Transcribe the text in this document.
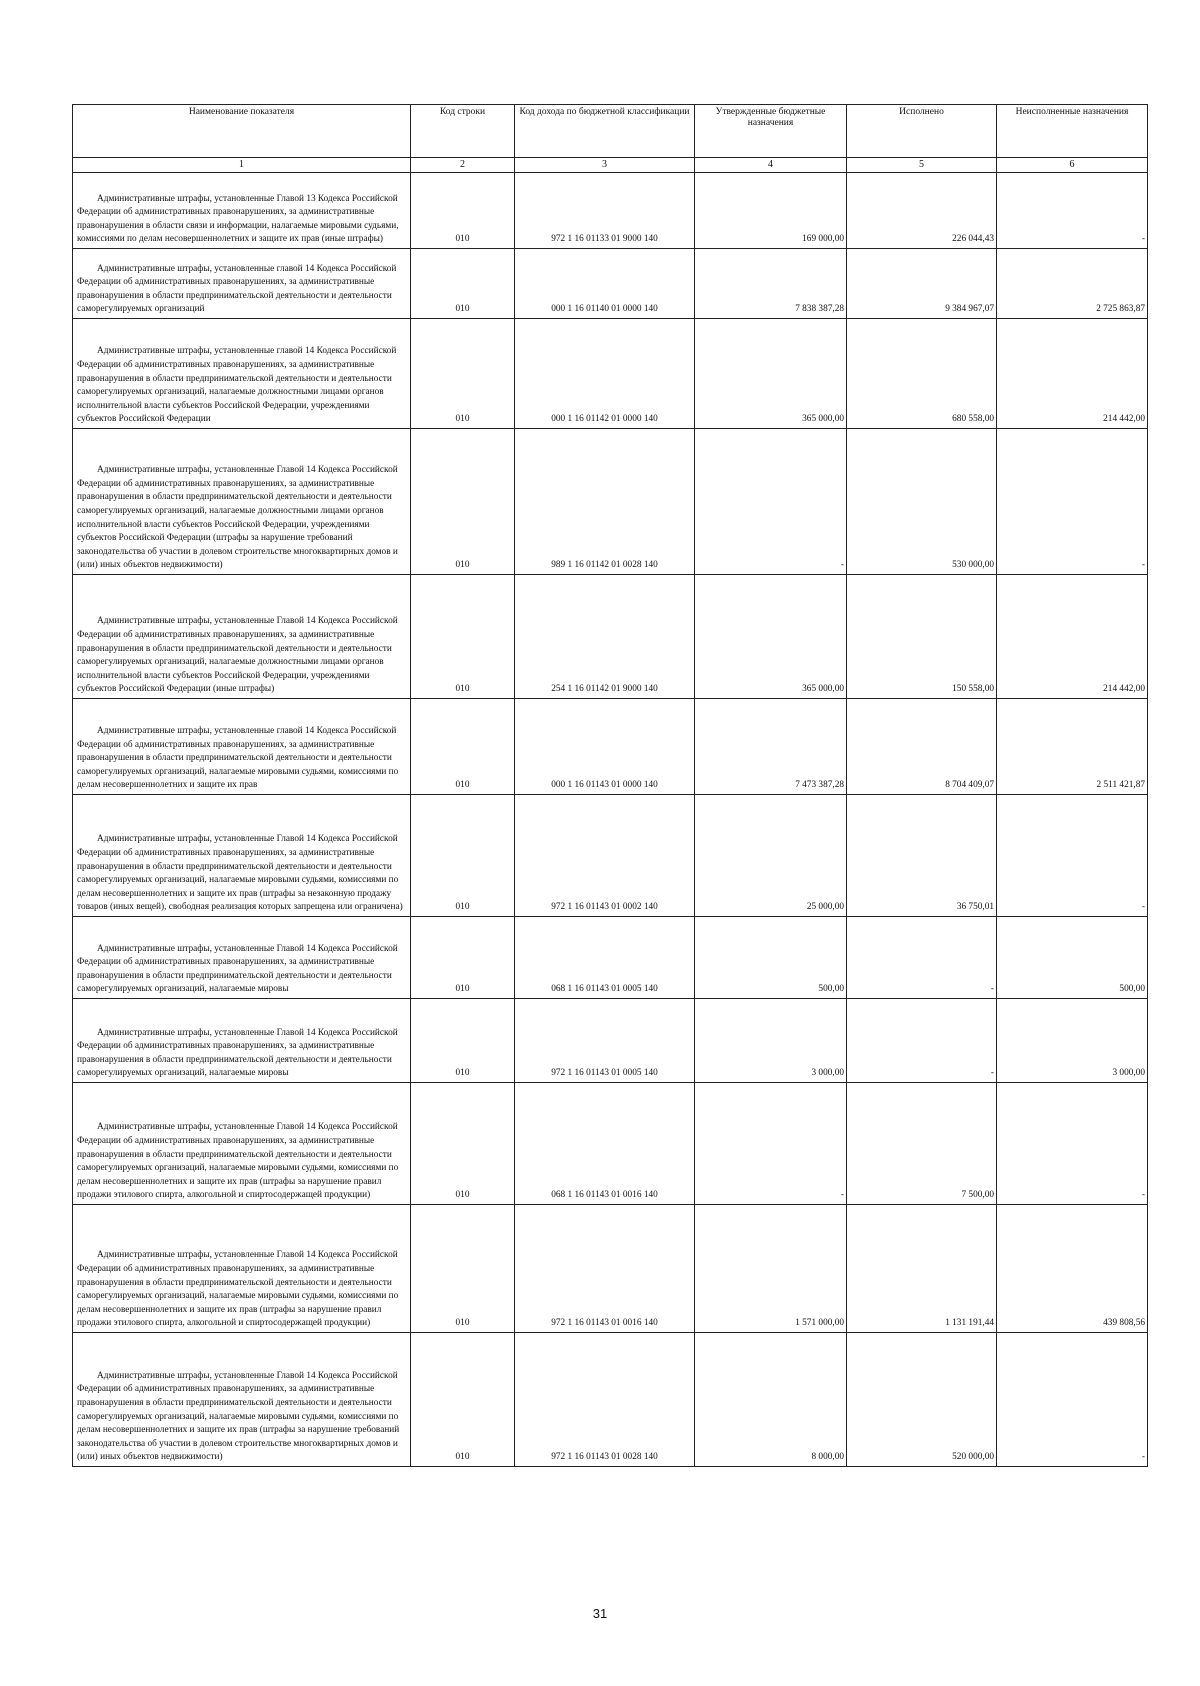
Наименование показателя	Код строки	Код дохода по бюджетной классификации	Утвержденные бюджетные назначения	Исполнено	Неисполненные назначения
1	2	3	4	5	6
Административные штрафы, установленные Главой 13 Кодекса Российской Федерации об административных правонарушениях, за административные правонарушения в области связи и информации, налагаемые мировыми судьями, комиссиями по делам несовершеннолетних и защите их прав (иные штрафы)	010	972 1 16 01133 01 9000 140	169 000,00	226 044,43	-
Административные штрафы, установленные главой 14 Кодекса Российской Федерации об административных правонарушениях, за административные правонарушения в области предпринимательской деятельности и деятельности саморегулируемых организаций	010	000 1 16 01140 01 0000 140	7 838 387,28	9 384 967,07	2 725 863,87
Административные штрафы, установленные главой 14 Кодекса Российской Федерации об административных правонарушениях, за административные правонарушения в области предпринимательской деятельности и деятельности саморегулируемых организаций, налагаемые должностными лицами органов исполнительной власти субъектов Российской Федерации, учреждениями субъектов Российской Федерации	010	000 1 16 01142 01 0000 140	365 000,00	680 558,00	214 442,00
Административные штрафы, установленные Главой 14 Кодекса Российской Федерации об административных правонарушениях, за административные правонарушения в области предпринимательской деятельности и деятельности саморегулируемых организаций, налагаемые должностными лицами органов исполнительной власти субъектов Российской Федерации, учреждениями субъектов Российской Федерации (штрафы за нарушение требований законодательства об участии в долевом строительстве многоквартирных домов и (или) иных объектов недвижимости)	010	989 1 16 01142 01 0028 140	-	530 000,00	-
Административные штрафы, установленные Главой 14 Кодекса Российской Федерации об административных правонарушениях, за административные правонарушения в области предпринимательской деятельности и деятельности саморегулируемых организаций, налагаемые должностными лицами органов исполнительной власти субъектов Российской Федерации, учреждениями субъектов Российской Федерации (иные штрафы)	010	254 1 16 01142 01 9000 140	365 000,00	150 558,00	214 442,00
Административные штрафы, установленные главой 14 Кодекса Российской Федерации об административных правонарушениях, за административные правонарушения в области предпринимательской деятельности и деятельности саморегулируемых организаций, налагаемые мировыми судьями, комиссиями по делам несовершеннолетних и защите их прав	010	000 1 16 01143 01 0000 140	7 473 387,28	8 704 409,07	2 511 421,87
Административные штрафы, установленные Главой 14 Кодекса Российской Федерации об административных правонарушениях, за административные правонарушения в области предпринимательской деятельности и деятельности саморегулируемых организаций, налагаемые мировыми судьями, комиссиями по делам несовершеннолетних и защите их прав (штрафы за незаконную продажу товаров (иных вещей), свободная реализация которых запрещена или ограничена)	010	972 1 16 01143 01 0002 140	25 000,00	36 750,01	-
Административные штрафы, установленные Главой 14 Кодекса Российской Федерации об административных правонарушениях, за административные правонарушения в области предпринимательской деятельности и деятельности саморегулируемых организаций, налагаемые мировы	010	068 1 16 01143 01 0005 140	500,00	-	500,00
Административные штрафы, установленные Главой 14 Кодекса Российской Федерации об административных правонарушениях, за административные правонарушения в области предпринимательской деятельности и деятельности саморегулируемых организаций, налагаемые мировы	010	972 1 16 01143 01 0005 140	3 000,00	-	3 000,00
Административные штрафы, установленные Главой 14 Кодекса Российской Федерации об административных правонарушениях, за административные правонарушения в области предпринимательской деятельности и деятельности саморегулируемых организаций, налагаемые мировыми судьями, комиссиями по делам несовершеннолетних и защите их прав (штрафы за нарушение правил продажи этилового спирта, алкогольной и спиртосодержащей продукции)	010	068 1 16 01143 01 0016 140	-	7 500,00	-
Административные штрафы, установленные Главой 14 Кодекса Российской Федерации об административных правонарушениях, за административные правонарушения в области предпринимательской деятельности и деятельности саморегулируемых организаций, налагаемые мировыми судьями, комиссиями по делам несовершеннолетних и защите их прав (штрафы за нарушение правил продажи этилового спирта, алкогольной и спиртосодержащей продукции)	010	972 1 16 01143 01 0016 140	1 571 000,00	1 131 191,44	439 808,56
Административные штрафы, установленные Главой 14 Кодекса Российской Федерации об административных правонарушениях, за административные правонарушения в области предпринимательской деятельности и деятельности саморегулируемых организаций, налагаемые мировыми судьями, комиссиями по делам несовершеннолетних и защите их прав (штрафы за нарушение требований законодательства об участии в долевом строительстве многоквартирных домов и (или) иных объектов недвижимости)	010	972 1 16 01143 01 0028 140	8 000,00	520 000,00	-
31
